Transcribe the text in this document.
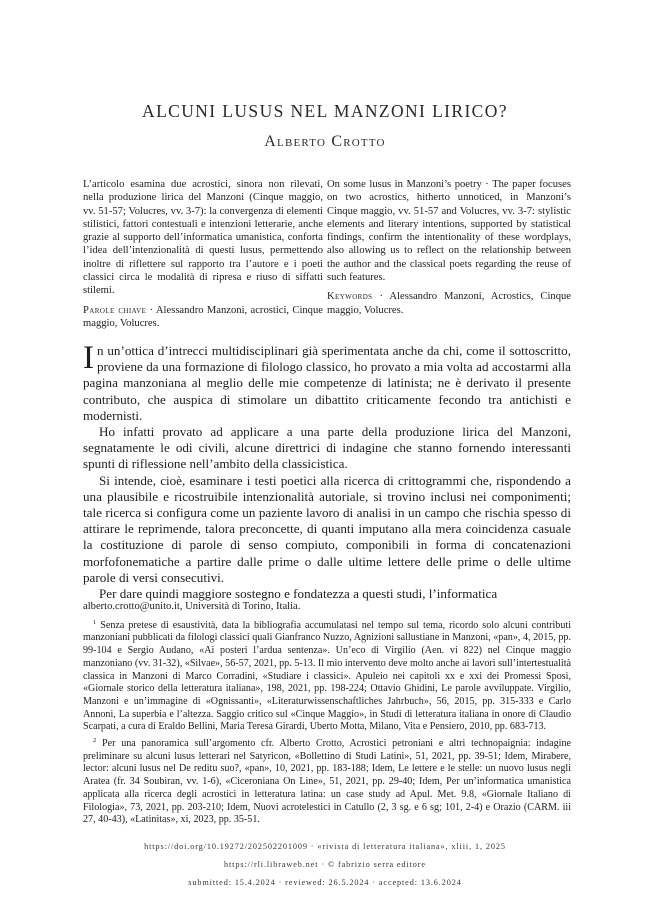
ALCUNI LUSUS NEL MANZONI LIRICO?
Alberto Crotto

L’articolo esamina due acrostici, sinora non rilevati, nella produzione lirica del Manzoni (Cinque maggio, vv. 51-57; Volucres, vv. 3-7): la convergenza di elementi stilistici, fattori contestuali e intenzioni letterarie, anche grazie al supporto dell’informatica umanistica, conforta l’idea dell’intenzionalità di questi lusus, permettendo inoltre di riflettere sul rapporto tra l’autore e i poeti classici circa le modalità di ripresa e riuso di siffatti stilemi.

Parole chiave · Alessandro Manzoni, acrostici, Cinque maggio, Volucres.

On some lusus in Manzoni’s poetry · The paper focuses on two acrostics, hitherto unnoticed, in Manzoni’s Cinque maggio, vv. 51-57 and Volucres, vv. 3-7: stylistic elements and literary intentions, supported by statistical findings, confirm the intentionality of these wordplays, also allowing us to reflect on the relationship between the author and the classical poets regarding the reuse of such features.

Keywords · Alessandro Manzoni, Acrostics, Cinque maggio, Volucres.

In un’ottica d’intrecci multidisciplinari già sperimentata anche da chi, come il sottoscritto, proviene da una formazione di filologo classico, ho provato a mia volta ad accostarmi alla pagina manzoniana al meglio delle mie competenze di latinista; ne è derivato il presente contributo, che auspica di stimolare un dibattito criticamente fecondo tra antichisti e modernisti.

Ho infatti provato ad applicare a una parte della produzione lirica del Manzoni, segnatamente le odi civili, alcune direttrici di indagine che stanno fornendo interessanti spunti di riflessione nell’ambito della classicistica.

Si intende, cioè, esaminare i testi poetici alla ricerca di crittogrammi che, rispondendo a una plausibile e ricostruibile intenzionalità autoriale, si trovino inclusi nei componimenti; tale ricerca si configura come un paziente lavoro di analisi in un campo che rischia spesso di attirare le reprimende, talora preconcette, di quanti imputano alla mera coincidenza casuale la costituzione di parole di senso compiuto, componibili in forma di concatenazioni morfofonematiche a partire dalle prime o dalle ultime lettere delle prime o delle ultime parole di versi consecutivi.

Per dare quindi maggiore sostegno e fondatezza a questi studi, l’informatica

alberto.crotto@unito.it, Università di Torino, Italia.

$^1$ Senza pretese di esaustività, data la bibliografia accumulatasi nel tempo sul tema, ricordo solo alcuni contributi manzoniani pubblicati da filologi classici quali Gianfranco Nuzzo, Agnizioni sallustiane in Manzoni, «pan», 4, 2015, pp. 99-104 e Sergio Audano, «Ai posteri l’ardua sentenza». Un’eco di Virgilio (Aen. vi 822) nel Cinque maggio manzoniano (vv. 31-32), «Silvae», 56-57, 2021, pp. 5-13. Il mio intervento deve molto anche ai lavori sull’intertestualità classica in Manzoni di Marco Corradini, «Studiare i classici». Apuleio nei capitoli xx e xxi dei Promessi Sposi, «Giornale storico della letteratura italiana», 198, 2021, pp. 198-224; Ottavio Ghidini, Le parole avviluppate. Virgilio, Manzoni e un’immagine di «Ognissanti», «Literaturwissenschaftliches Jahrbuch», 56, 2015, pp. 315-333 e Carlo Annoni, La superbia e l’altezza. Saggio critico sul «Cinque Maggio», in Studi di letteratura italiana in onore di Claudio Scarpati, a cura di Eraldo Bellini, Maria Teresa Girardi, Uberto Motta, Milano, Vita e Pensiero, 2010, pp. 683-713.

$^2$ Per una panoramica sull’argomento cfr. Alberto Crotto, Acrostici petroniani e altri technopaignia: indagine preliminare su alcuni lusus letterari nel Satyricon, «Bollettino di Studi Latini», 51, 2021, pp. 39-51; Idem, Mirabere, lector: alcuni lusus nel De reditu suo?, «pan», 10, 2021, pp. 183-188; Idem, Le lettere e le stelle: un nuovo lusus negli Aratea (fr. 34 Soubiran, vv. 1-6), «Ciceroniana On Line», 51, 2021, pp. 29-40; Idem, Per un’informatica umanistica applicata alla ricerca degli acrostici in letteratura latina: un case study ad Apul. Met. 9.8, «Giornale Italiano di Filologia», 73, 2021, pp. 203-210; Idem, Nuovi acrotelestici in Catullo (2, 3 sg. e 6 sg; 101, 2-4) e Orazio (CARM. iii 27, 40-43), «Latinitas», xi, 2023, pp. 35-51.

https://doi.org/10.19272/202502201009 · «rivista di letteratura italiana», xliii, 1, 2025
https://rli.libraweb.net · © fabrizio serra editore
submitted: 15.4.2024 · reviewed: 26.5.2024 · accepted: 13.6.2024
